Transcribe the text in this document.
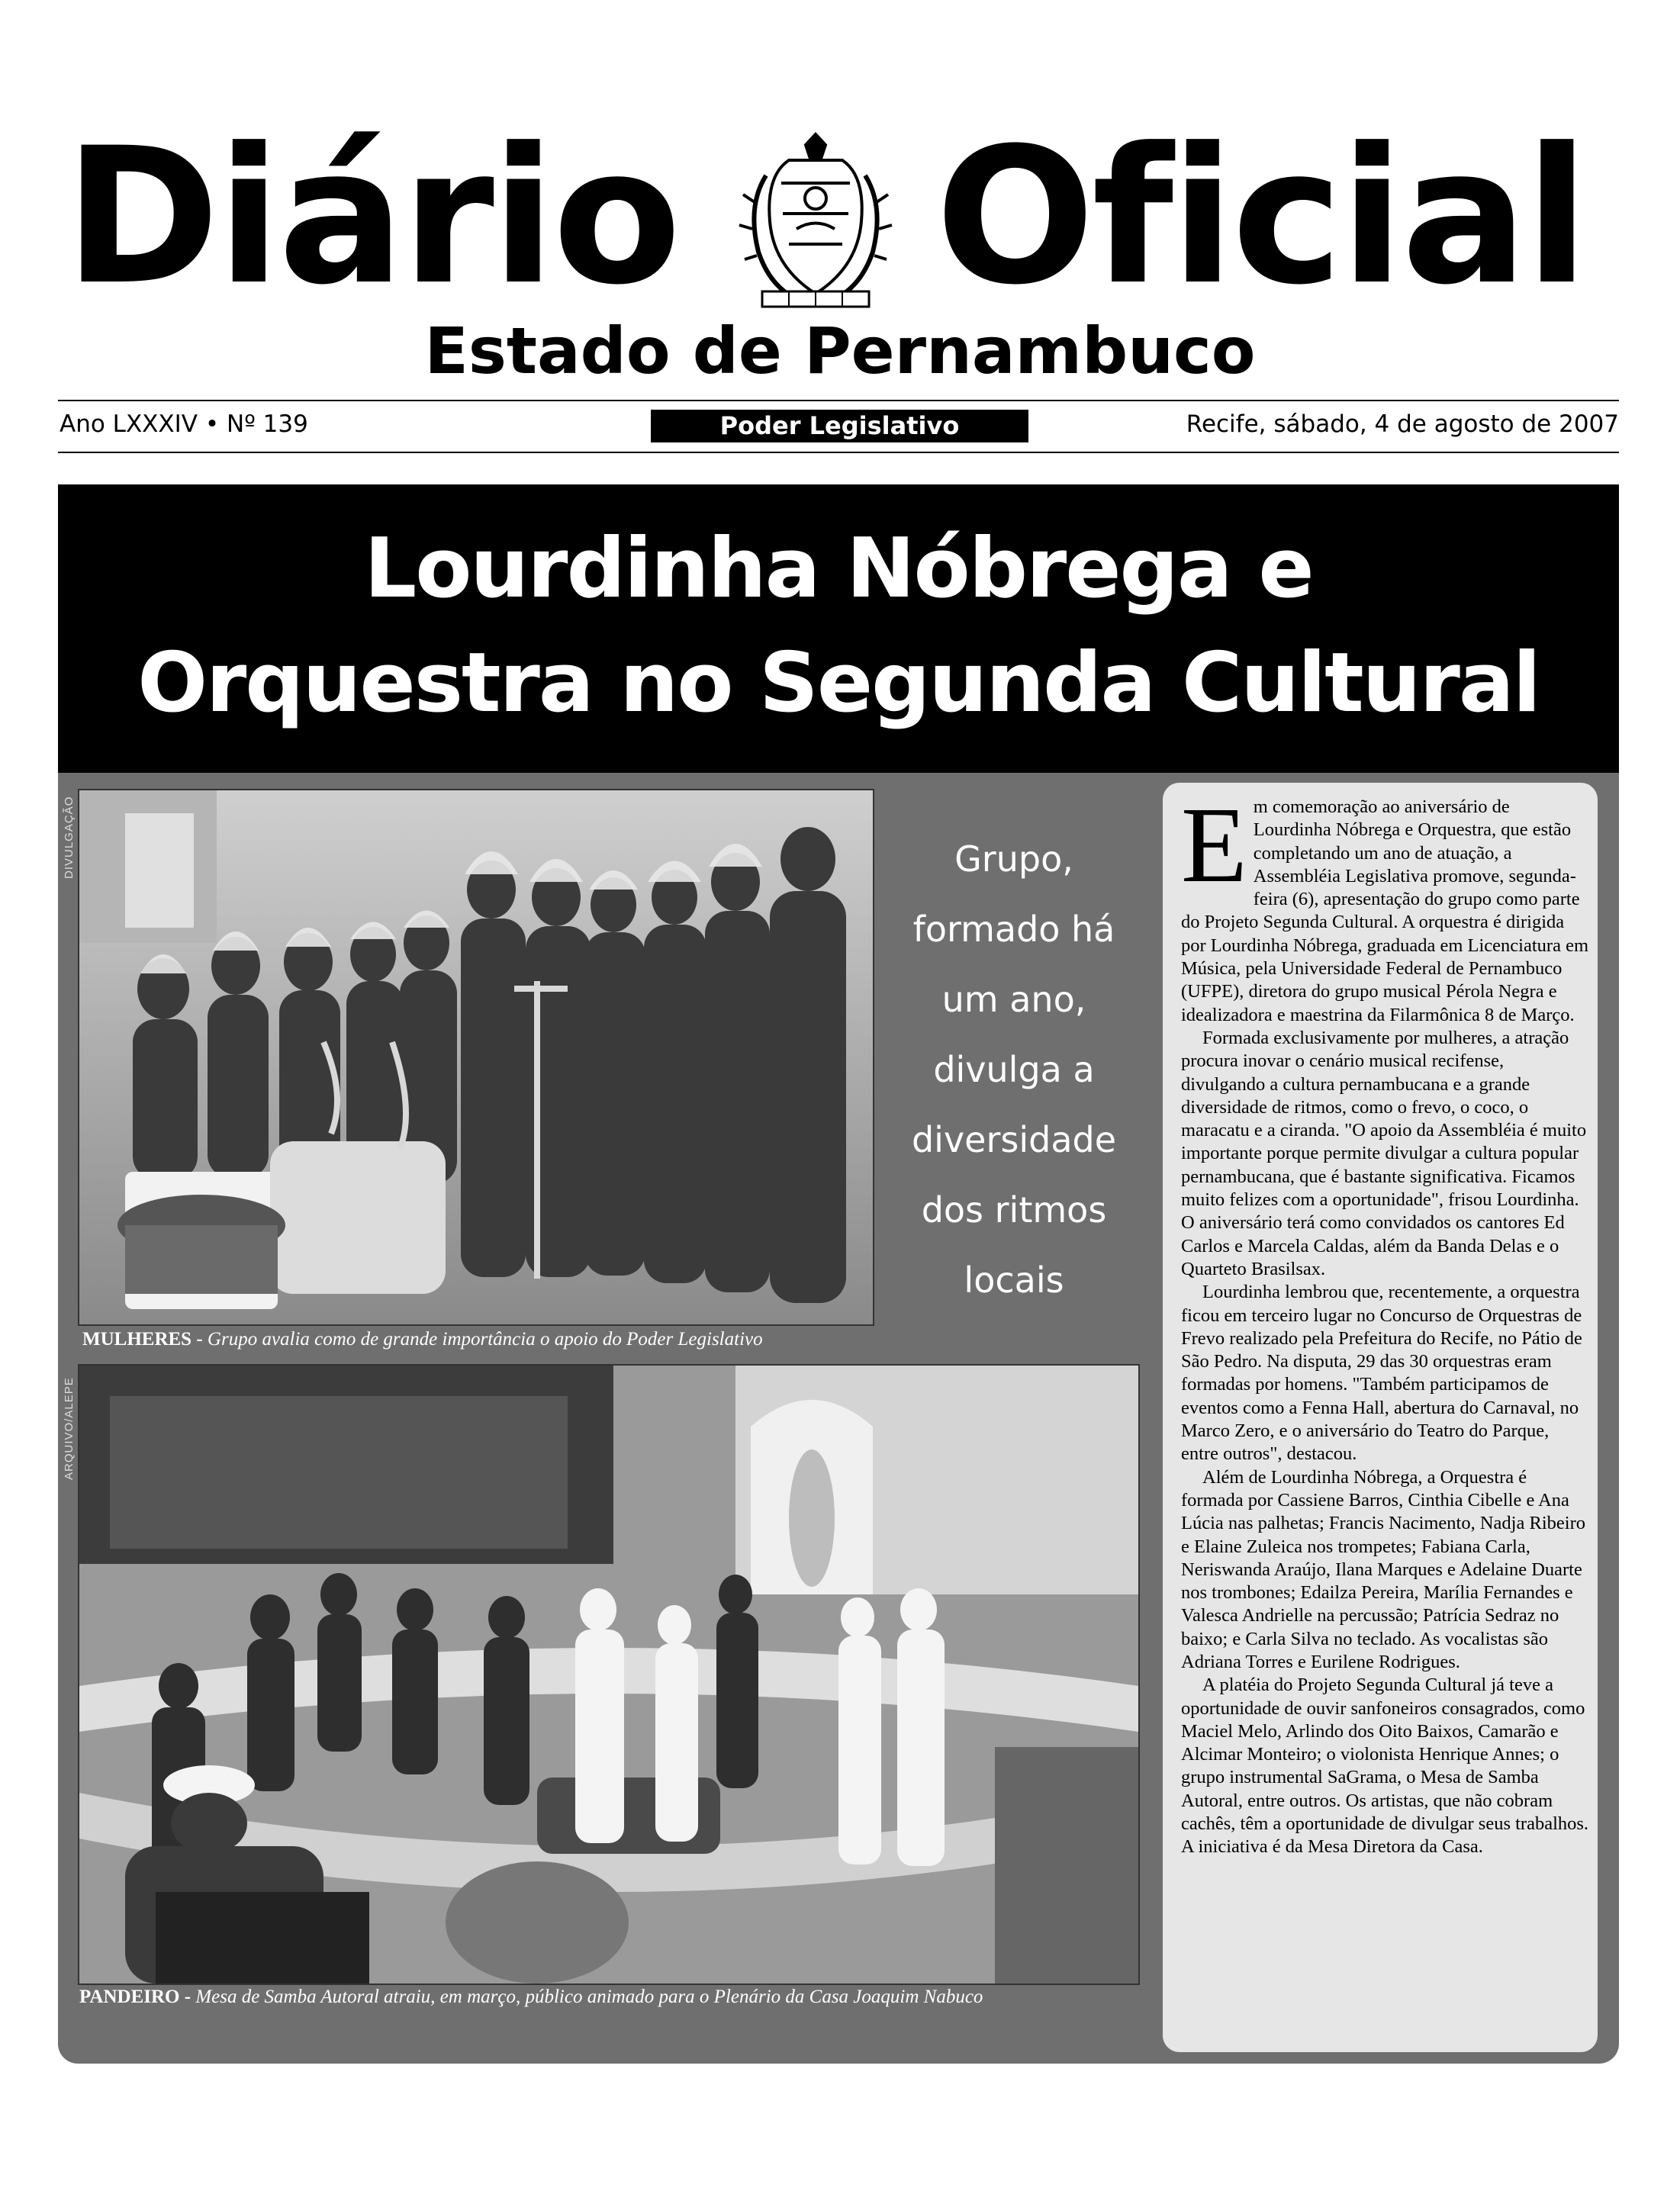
Diário Oficial
Estado de Pernambuco
Ano LXXXIV • Nº 139	Poder Legislativo	Recife, sábado, 4 de agosto de 2007
Lourdinha Nóbrega e
Orquestra no Segunda Cultural
DIVULGAÇÃO
MULHERES - Grupo avalia como de grande importância o apoio do Poder Legislativo
Grupo,
formado há
um ano,
divulga a
diversidade
dos ritmos
locais
ARQUIVO/ALEPE
PANDEIRO - Mesa de Samba Autoral atraiu, em março, público animado para o Plenário da Casa Joaquim Nabuco

Em comemoração ao aniversário de Lourdinha Nóbrega e Orquestra, que estão completando um ano de atuação, a Assembléia Legislativa promove, segunda-feira (6), apresentação do grupo como parte do Projeto Segunda Cultural. A orquestra é dirigida por Lourdinha Nóbrega, graduada em Licenciatura em Música, pela Universidade Federal de Pernambuco (UFPE), diretora do grupo musical Pérola Negra e idealizadora e maestrina da Filarmônica 8 de Março.

Formada exclusivamente por mulheres, a atração procura inovar o cenário musical recifense, divulgando a cultura pernambucana e a grande diversidade de ritmos, como o frevo, o coco, o maracatu e a ciranda. "O apoio da Assembléia é muito importante porque permite divulgar a cultura popular pernambucana, que é bastante significativa. Ficamos muito felizes com a oportunidade", frisou Lourdinha. O aniversário terá como convidados os cantores Ed Carlos e Marcela Caldas, além da Banda Delas e o Quarteto Brasilsax.

Lourdinha lembrou que, recentemente, a orquestra ficou em terceiro lugar no Concurso de Orquestras de Frevo realizado pela Prefeitura do Recife, no Pátio de São Pedro. Na disputa, 29 das 30 orquestras eram formadas por homens. "Também participamos de eventos como a Fenna Hall, abertura do Carnaval, no Marco Zero, e o aniversário do Teatro do Parque, entre outros", destacou.

Além de Lourdinha Nóbrega, a Orquestra é formada por Cassiene Barros, Cinthia Cibelle e Ana Lúcia nas palhetas; Francis Nacimento, Nadja Ribeiro e Elaine Zuleica nos trompetes; Fabiana Carla, Neriswanda Araújo, Ilana Marques e Adelaine Duarte nos trombones; Edailza Pereira, Marília Fernandes e Valesca Andrielle na percussão; Patrícia Sedraz no baixo; e Carla Silva no teclado. As vocalistas são Adriana Torres e Eurilene Rodrigues.

A platéia do Projeto Segunda Cultural já teve a oportunidade de ouvir sanfoneiros consagrados, como Maciel Melo, Arlindo dos Oito Baixos, Camarão e Alcimar Monteiro; o violonista Henrique Annes; o grupo instrumental SaGrama, o Mesa de Samba Autoral, entre outros. Os artistas, que não cobram cachês, têm a oportunidade de divulgar seus trabalhos. A iniciativa é da Mesa Diretora da Casa.
